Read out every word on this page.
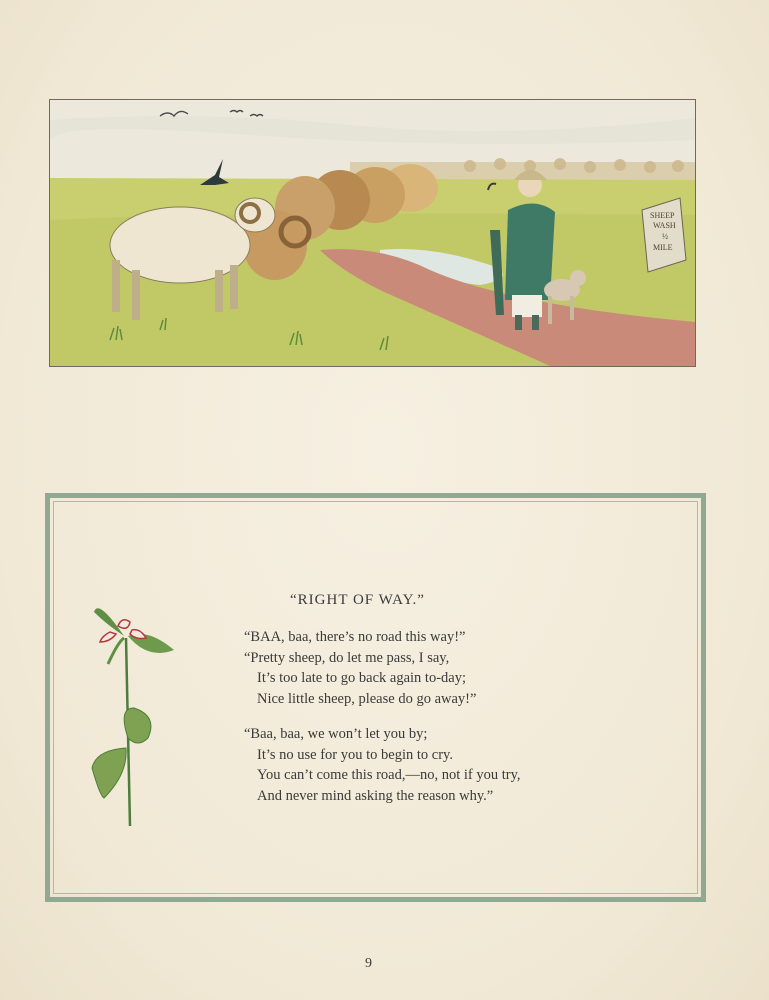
SHEEP
WASH
½
MILE
“RIGHT OF WAY.”
“BAA, baa, there’s no road this way!”
“Pretty sheep, do let me pass, I say,
It’s too late to go back again to-day;
Nice little sheep, please do go away!”
“Baa, baa, we won’t let you by;
It’s no use for you to begin to cry.
You can’t come this road,—no, not if you try,
And never mind asking the reason why.”
9
